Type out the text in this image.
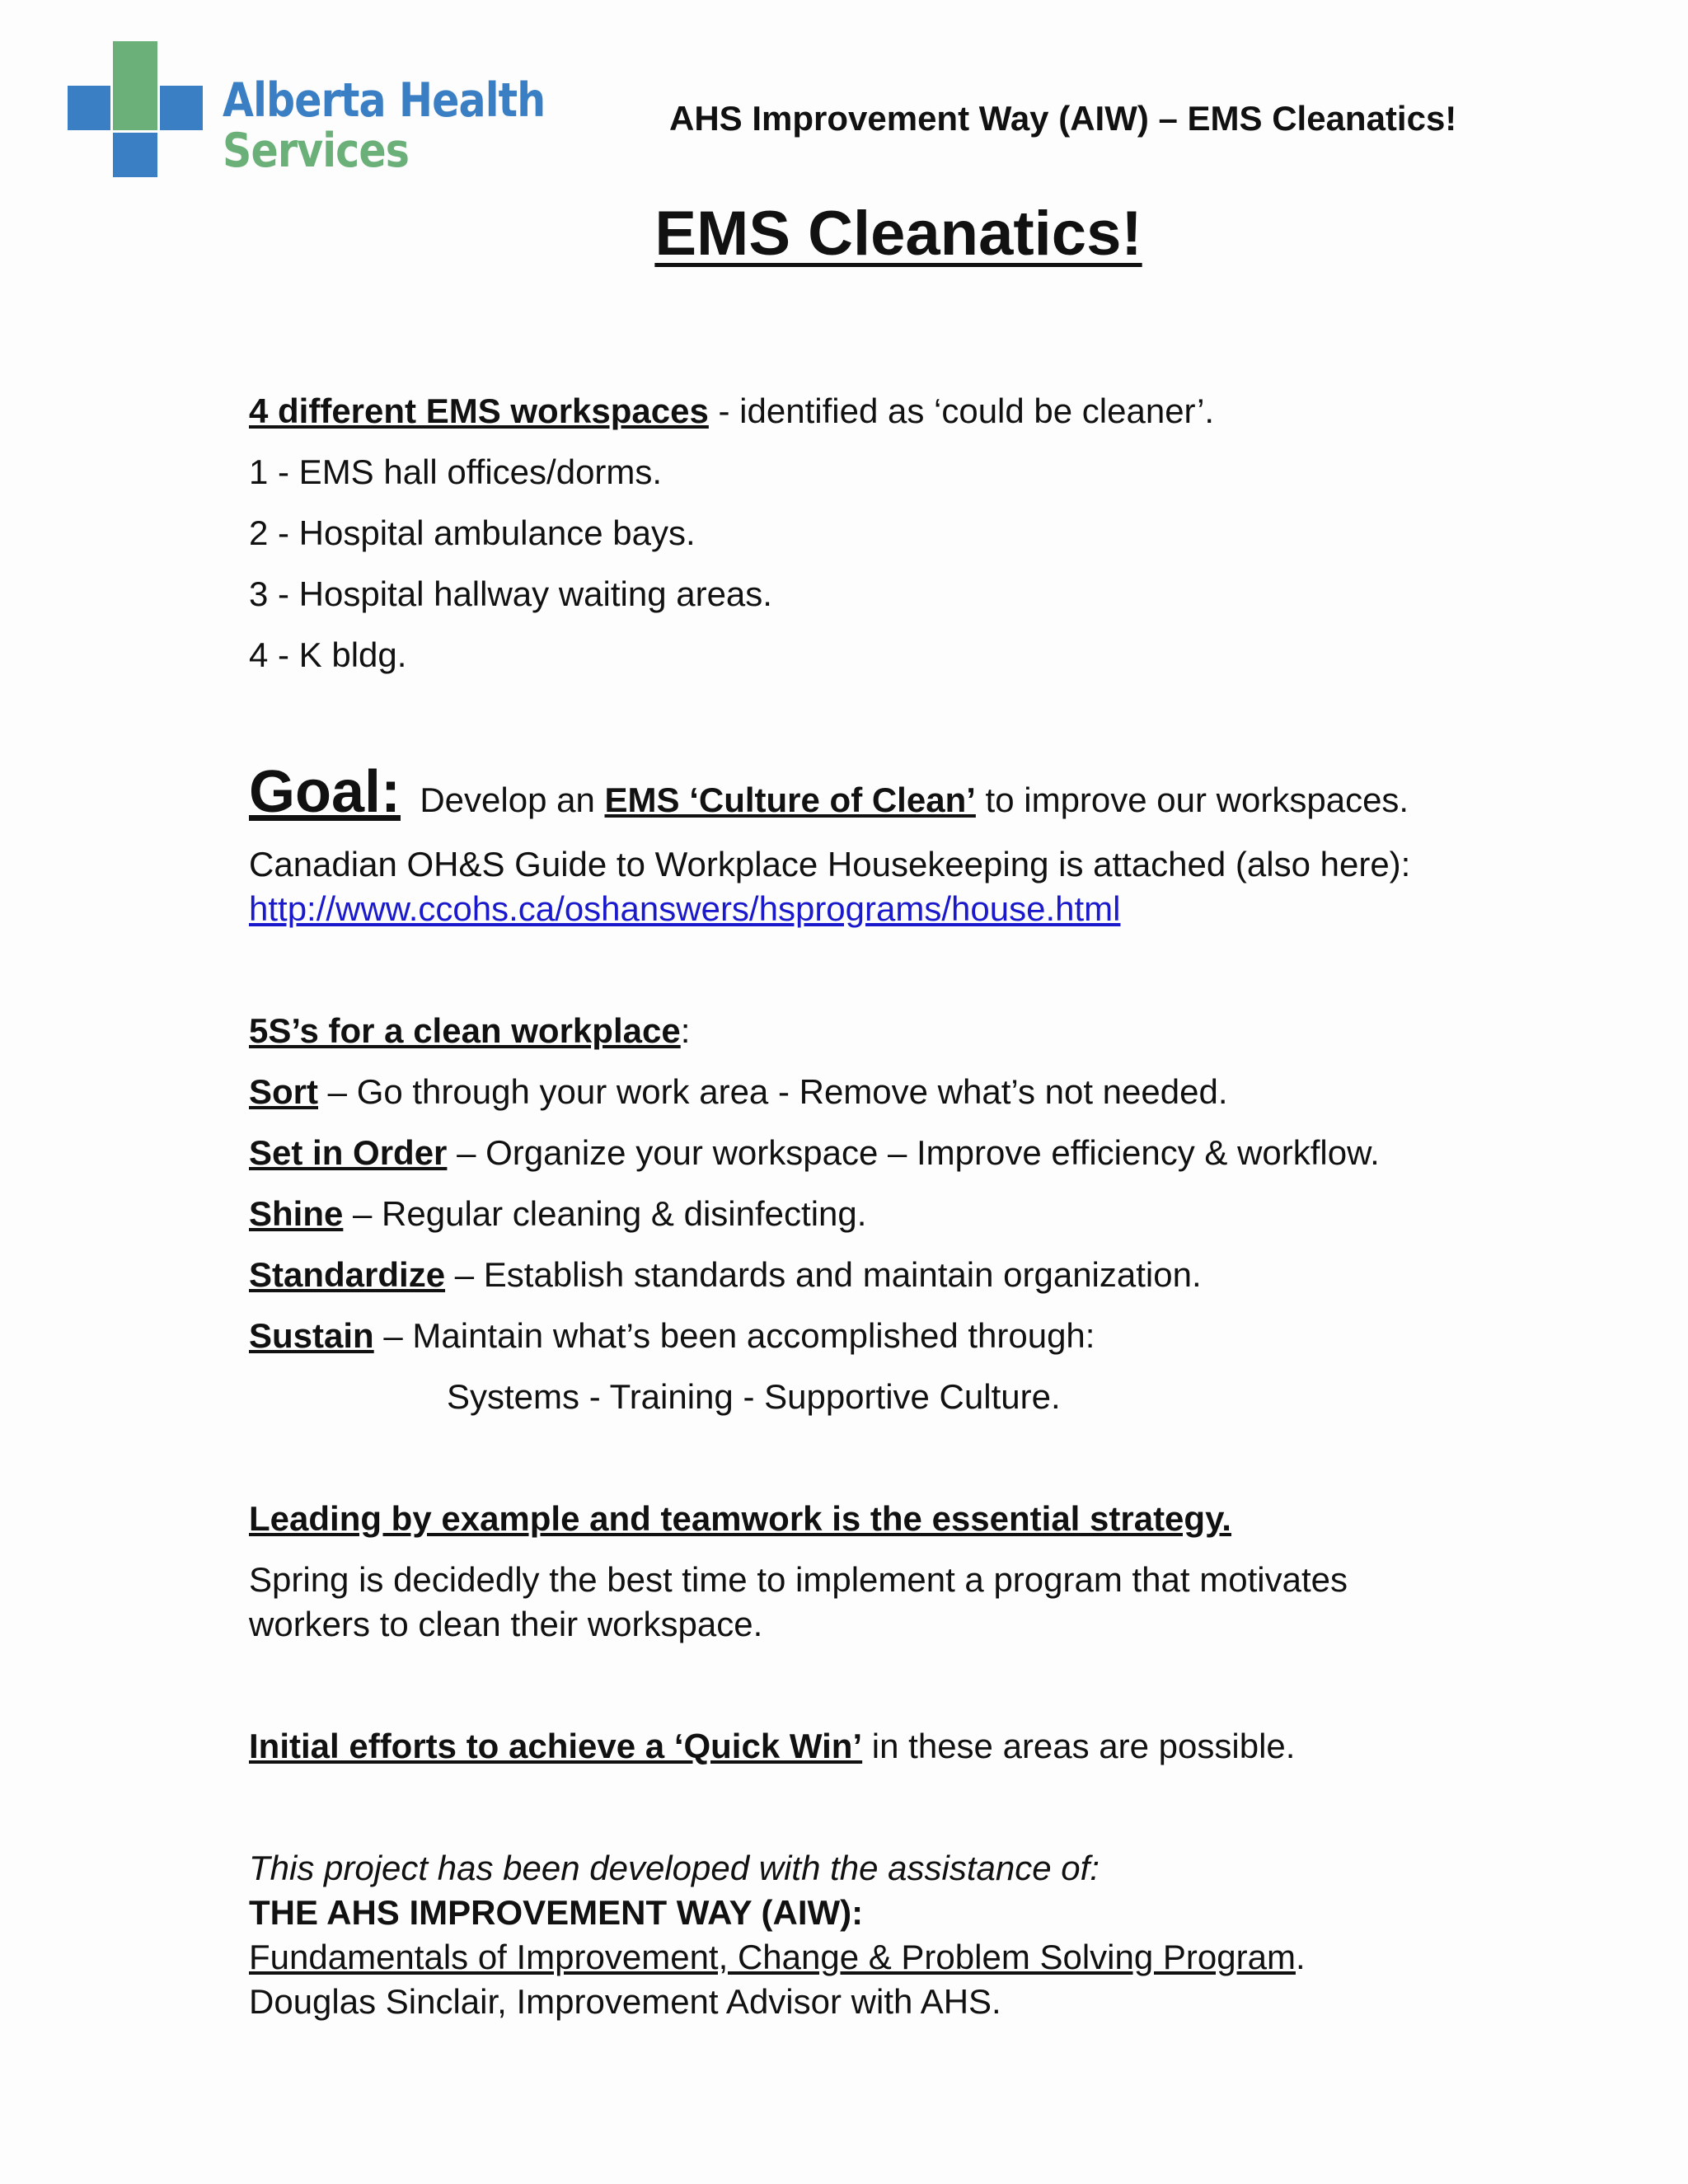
Alberta Health
Services
AHS Improvement Way (AIW) – EMS Cleanatics!
EMS Cleanatics!
4 different EMS workspaces - identified as ‘could be cleaner’.
1 - EMS hall offices/dorms.
2 - Hospital ambulance bays.
3 - Hospital hallway waiting areas.
4 - K bldg.
Goal:  Develop an EMS ‘Culture of Clean’ to improve our workspaces.
Canadian OH&S Guide to Workplace Housekeeping is attached (also here):
http://www.ccohs.ca/oshanswers/hsprograms/house.html
5S’s for a clean workplace:
Sort – Go through your work area - Remove what’s not needed.
Set in Order – Organize your workspace – Improve efficiency & workflow.
Shine – Regular cleaning & disinfecting.
Standardize – Establish standards and maintain organization.
Sustain – Maintain what’s been accomplished through:
Systems - Training - Supportive Culture.
Leading by example and teamwork is the essential strategy.
Spring is decidedly the best time to implement a program that motivates
workers to clean their workspace.
Initial efforts to achieve a ‘Quick Win’ in these areas are possible.
This project has been developed with the assistance of:
THE AHS IMPROVEMENT WAY (AIW):
Fundamentals of Improvement, Change & Problem Solving Program.
Douglas Sinclair, Improvement Advisor with AHS.
